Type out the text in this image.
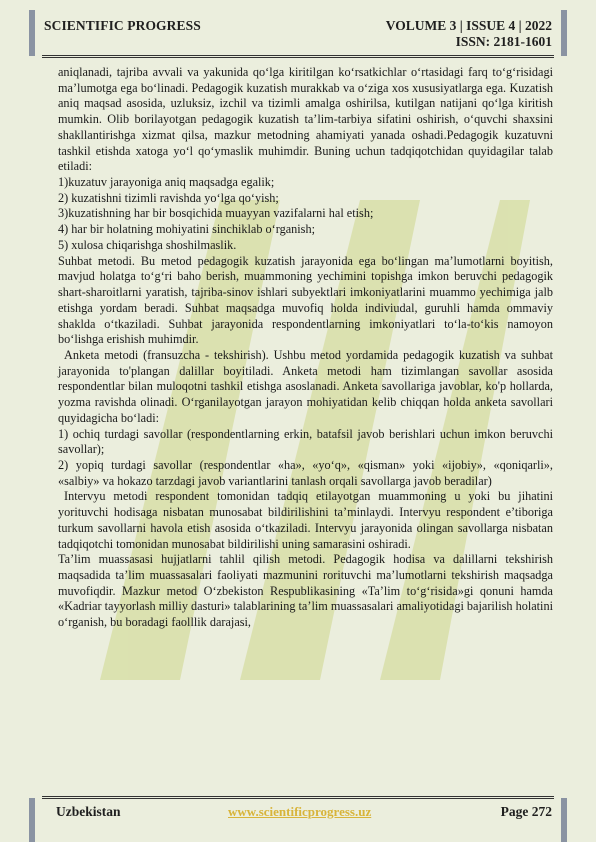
SCIENTIFIC PROGRESS	VOLUME 3 | ISSUE 4 | 2022
ISSN: 2181-1601

aniqlanadi, tajriba avvali va yakunida qo‘lga kiritilgan ko‘rsatkichlar o‘rtasidagi farq to‘g‘risidagi ma’lumotga ega bo‘linadi. Pedagogik kuzatish murakkab va o‘ziga xos xususiyatlarga ega. Kuzatish aniq maqsad asosida, uzluksiz, izchil va tizimli amalga oshirilsa, kutilgan natijani qo‘lga kiritish mumkin. Olib borilayotgan pedagogik kuzatish ta’lim-tarbiya sifatini oshirish, o‘quvchi shaxsini shakllantirishga xizmat qilsa, mazkur metodning ahamiyati yanada oshadi.Pedagogik kuzatuvni tashkil etishda xatoga yo‘l qo‘ymaslik muhimdir. Buning uchun tadqiqotchidan quyidagilar talab etiladi:

1)kuzatuv jarayoniga aniq maqsadga egalik;

2) kuzatishni tizimli ravishda yo‘lga qo‘yish;

3)kuzatishning har bir bosqichida muayyan vazifalarni hal etish;

4) har bir holatning mohiyatini sinchiklab o‘rganish;

5) xulosa chiqarishga shoshilmaslik.

Suhbat metodi. Bu metod pedagogik kuzatish jarayonida ega bo‘lingan ma’lumotlarni boyitish, mavjud holatga to‘g‘ri baho berish, muammoning yechimini topishga imkon beruvchi pedagogik shart-sharoitlarni yaratish, tajriba-sinov ishlari subyektlari imkoniyatlarini muammo yechimiga jalb etishga yordam beradi. Suhbat maqsadga muvofiq holda indiviudal, guruhli hamda ommaviy shaklda o‘tkaziladi. Suhbat jarayonida respondentlarning imkoniyatlari to‘la-to‘kis namoyon bo‘lishga erishish muhimdir.

Anketa metodi (fransuzcha - tekshirish). Ushbu metod yordamida pedagogik kuzatish va suhbat jarayonida to'plangan dalillar boyitiladi. Anketa metodi ham tizimlangan savollar asosida respondentlar bilan muloqotni tashkil etishga asoslanadi. Anketa savollariga javoblar, ko'p hollarda, yozma ravishda olinadi. O‘rganilayotgan jarayon mohiyatidan kelib chiqqan holda anketa savollari quyidagicha bo‘ladi:

1) ochiq turdagi savollar (respondentlarning erkin, batafsil javob berishlari uchun imkon beruvchi savollar);

2) yopiq turdagi savollar (respondentlar «ha», «yo‘q», «qisman» yoki «ijobiy», «qoniqarli», «salbiy» va hokazo tarzdagi javob variantlarini tanlash orqali savollarga javob beradilar)

Intervyu metodi respondent tomonidan tadqiq etilayotgan muammoning u yoki bu jihatini yorituvchi hodisaga nisbatan munosabat bildirilishini ta’minlaydi. Intervyu respondent e’tiboriga turkum savollarni havola etish asosida o‘tkaziladi. Intervyu jarayonida olingan savollarga nisbatan tadqiqotchi tomonidan munosabat bildirilishi uning samarasini oshiradi.

Ta’lim muassasasi hujjatlarni tahlil qilish metodi. Pedagogik hodisa va dalillarni tekshirish maqsadida ta’lim muassasalari faoliyati mazmunini rorituvchi ma’lumotlarni tekshirish maqsadga muvofiqdir. Mazkur metod O‘zbekiston Respublikasining «Ta’lim to‘g‘risida»gi qonuni hamda «Kadriar tayyorlash milliy dasturi» talablarining ta’lim muassasalari amaliyotidagi bajarilish holatini o‘rganish, bu boradagi faolllik darajasi,

Uzbekistan	www.scientificprogress.uz	Page 272
